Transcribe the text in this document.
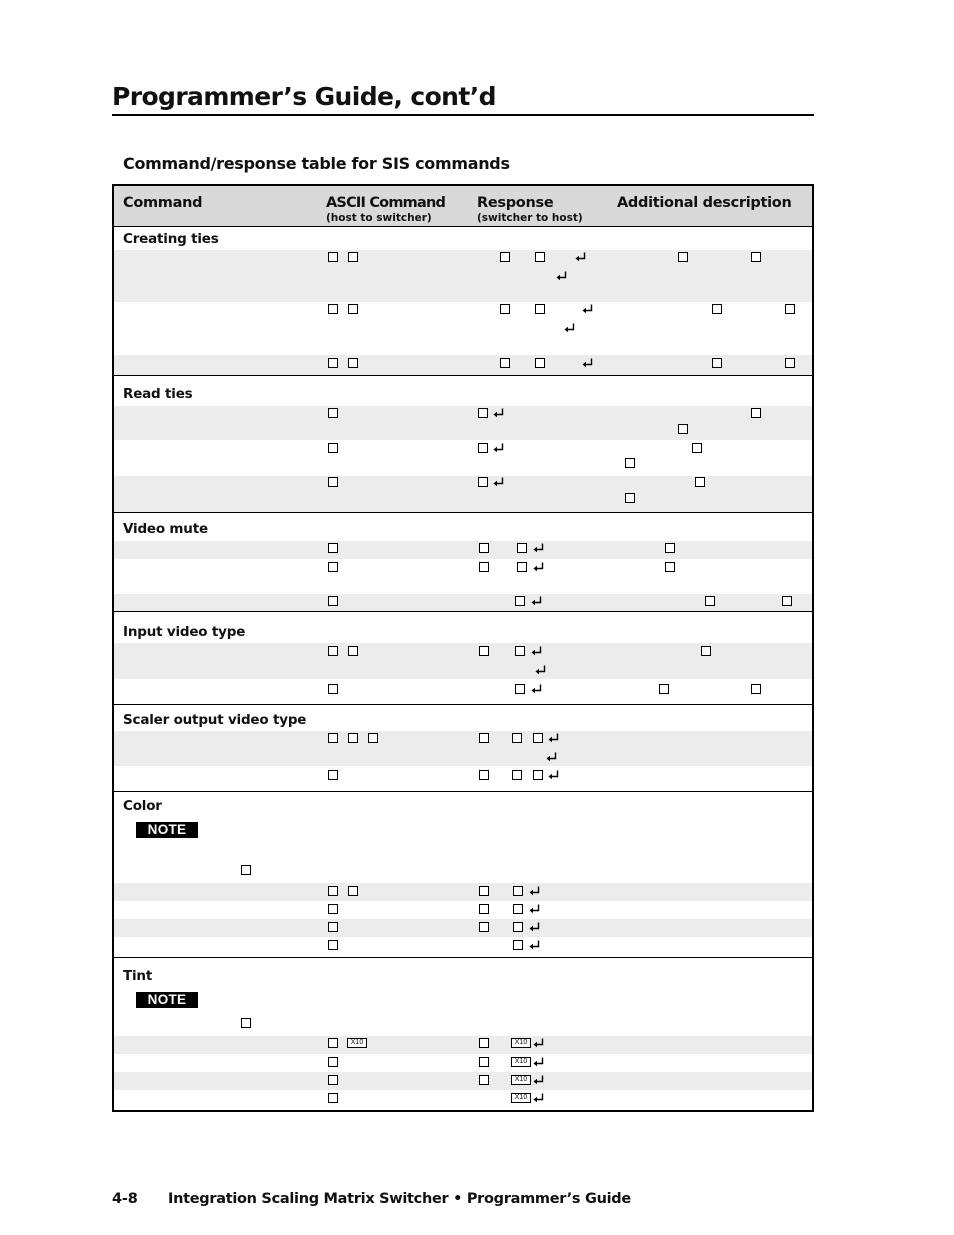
Programmer’s Guide, cont’d
Command/response table for SIS commands
Command	ASCII Command
(host to switcher)
Response
(switcher to host)
Additional description
Creating ties
Read ties
Video mute
Input video type
Scaler output video type
Color
NOTE
Tint
NOTE
X10	X10
X10
X10
X10
4-8 Integration Scaling Matrix Switcher • Programmer’s Guide
